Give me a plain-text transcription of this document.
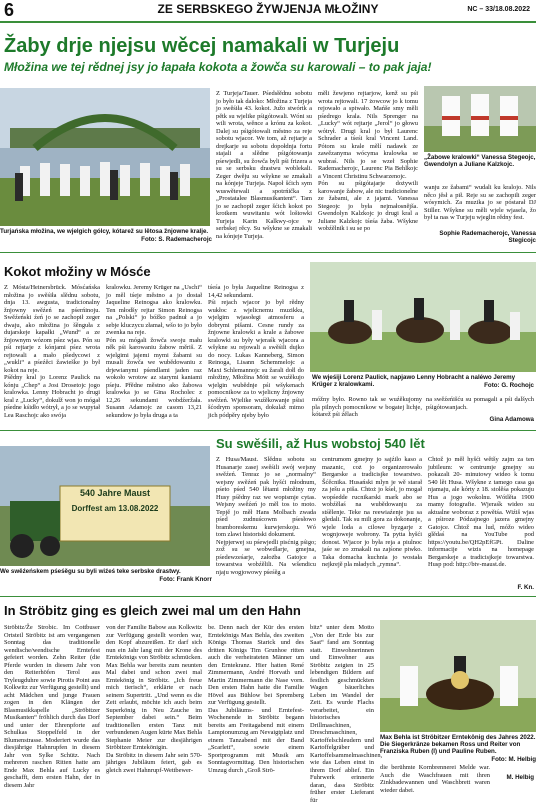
6	ZE SERBSKEGO ŽYWJENJA MŁOŽINY	NC – 33/18.08.2022
Žaby drje njejsu wěcej namakali w Turjeju
Młožina we tej rědnej jsy jo łapała kokota a žowča su karowali – to pak jaja!
Turjańska młožina, we wjelgich gólcy, kótarež su lětosa žnjowne kralje.
Foto: S. Rademacherojc
Z Turjeja/Tauer. Pśedsłědnu sobotu jo było tak daloko: Młožina z Turjeja jo swěśiła 43. kokot. Južo stwórtk a pětk su wjelike pśigótowali. Wóni su wili wrota, wěnce a krónu za kokot. Dalej su pśigótowali městno za reje sobotu wjacor. We tom, až rejtarje a drejkarje su sobotu dopołdnja fortu stajali a slědne pśigótowanja pśewjedli, su žowča byli pśi frizera a su se serbsku drastwu woblekali. Zeger dwěju su wšykne se zmakali na kónjeje Turjeja. Napoł šćich sym wuswětewali a spotrńička z „Prostatalee Blasmusikantent“. Tam jo se zachopił zeger šćich kokot po krotkem wuwitaniu wót loštowki Turjeja Karin Kalkwy-ojce w serbskej rěcy. Su wšykne se zmakali na kónjeje Turjeja.
měli žewjeno rejtarjow, kenž su pśi wrota rejtowali. 17 żowcow jo k tomu rejowało a spiwało. Mańše smy měli pśedrego krala. Nils Sprenger na „Lucky“ wót rejtarje „Jerol“ jo głowu wótrył. Drugi kral jo był Laurenc Schrader a tśeśi kral Vincent Land. Pótom su krale mělí nadawk ze zawězanyma wócyma kralowka se wubraś. Nils jo se wzeł Sophie Rademacherojc, Laurenc Pia Behlkojc a Vincent Christinu Schwarzenojc.
Pón su pśigótajarje dożywili karowanje žabow, ale nic tradicionelne ze žabami, ale z jajami. Vanessa Stegeojc jo była nejmałosnějša. Gwendolyn Kalzkojc jo drugi kral a Juliane Kalzkojc tśeśa žaba. Wšykne wobźělnik i su se po
„Žabowe kralowki“ Vanessa Stegeojc, Gwendolyn a Juliane Kalzkojc.
wanju ze žabami“ wudali ku kralojo. Nils něco jěsł a pił. Reje su se zachopili zeger wósymich. Za muzika jo se póstarał DJ Stiller. Wšykne su měli wjele wjasela, žo był ta nas w Turjeju wjeglin rědny fest.
Sophie Rademacherojc, Vanessa Stegicojc
Kokot młožiny w Mósće
Z Mósta/Heinersbrück. Mósćańska młožina jo swěśiła slědnu sobotu, dnja 13. awgusta, tradicionalny žnjowny swěźeń na pśerńinoju. Swěźeński źeń jo se zachopił zeger dwaju, ako młožina jo šěnguła z dujarskeje kapałki „Wund“ a ze žnjownym wózom pśez wjas. Pón su pśi rejtarje z kónjami pśez wrota rejtowali a mało pšedycowi z „wukli“ a pśeźěci žawieške jo był kokot na reje.
Pśědny kral jo Lorenz Paulick na kónju „Chep“ a Josi Drosetojc jogo kralowka. Lenny Hobracht jo drugi kral z „Lucky“, dokulž won jo mógał pśedne kśidło wótrył, a jo se wupytał Lea Raschojc ako swója
kralowku. Jeremy Krüger na „Uschi“ jo měl tśeje městno a jo dostał Jaqueline Reinogsa ako kralowku. Ten młodšy rejtar Simon Reinogsa na „Polski“ jo bóžko padnuł a jo sebje kluczycu złamał, wšo to jo było zwenka na reje.
Pón su mógali žowča swoju mału něk pśi karowaniu žabow měriš. Z wjelgimi jajemi mymi žabami su musali žowča we wubědowaniu z drjewianymi pśendlami jaden raz wokoło wrotow az starymi kaniami pśeju. Přědne městno ako žabowa kralowka jo se Gina Rocholec z 12,26 sekundami wobdźeržała. Susann Adamojc ze casom 13,21 sekundow jo była druga a ta
tśeśa jo była Jaqueline Reinogsa z 14,42 sekundami.
Pśi rejach wjacor jo był rědny wukłoc z wjelicnemu muzikku, wjelgim wjasołegi atmosferu a dobrymi pišami. Cesne rundy za žnjowne kralowki a krale a žabowe kralowki su były wjeraśk wjacora a wšykne su rejowali a swěśili dujko do nocy. Lukas Kanneberg, Simon Reinoga, Lisann Schemmelojc a Maxi Schlemannojc su žarali dołl do młožiny, Młožina Mótt se wuźěkujo wjelgin wubědnje pśi wšykenach pomocnikow za to wjelicny žnjowny swěźeń. Wjelike wuźěkowanje pśisi šćodrym sponsoram, dokulaž mimo jich pódpěry njeby było
We wjeśiji Lorenz Paulick, napjawo Lenny Hobracht a naléwo Jeremy Krüger z kralowkami.	Foto: G. Rochojc
móžny było. Rowno tak se wuźěkujomy pla pilnych pomocnikow w bogatej lichje, kótarež pśi źělach
na swěźeńišću su pomagali a pśi dalšych pśigótowanjach.
Gina Adamowa
Su swěśili, až Hus wobstoj 540 lět
540 Jahre Maust
Dorffest am 13.08.2022
We swěźeńskem pśeśěgu su byli wiźeś teke serbske drastwy.
Foto: Frank Knorr
Z Husa/Maust. Slědnu sobotu su Husanarje zasej swěśili swój wejsny swěźeń. Tenraz jo se „normalny“ wejsny swěźeń pak hyšći młodnum, pśeto pśed 540 lětami młožiny my Husy pśědny raz we wopismje cytas. Wejsny swěźeń jo měl tos to moto. Tepjě jo měł Hans Molbach zwada pśed zudnuścowm pśesłowo bramboreskemu kurwjerskoju. Wó tom zlawi historiski dokument.
Nejpjerwej su pśewjedli pisćnig pśigo; zož su se wobwdlarje, gmejna, pśedewześarje, założba Gatojce a towarstwa wobźělili. Na wšendicu njaju wogjowowy pśeśěg a
centrumom gmejny jo sajźilo kaso a mazanic, coż jo organizerowało Bergarske a tradicisjke towarstwo. Šćěcnika. Husański mlyn je wě starał za ješu a piša. Chtoż jo kśeł, jo mogał wopśedde rucnikarski mark abo se wobźělaś na wubědowanju za stśělenje. Teke na reewiaźenje jsu sa gledali. Tak su mili gora za dokonanje, wjele loda a cilowe byzgarje z wognjoweje wobrony. Ta pytta hyšći donost. Wjacor jo była reja a piulnoc jaśe se zo zmakali na zajśone piwko. Taka domacha kuchnia jo wostała nejkrejě pla mładych „rymna“.
Chtož jo měł hyšći wětšy zajm za ten jubileum: w centrumje gmejny su pokazali 20- minutowy wideo k tomu 540 lět Husa. Wšykne z tamego casa ga njamaju, ale kórty z 18. stolěśa pokazuju Hus a jogo wokolnu. Wótlěta 1900 mamy fotografie. Wjeraśk wideo su aktualne woboraz z powětśa. Wiźiš wjas a pśiroze Pódzajnego jazera gmejny Gatojce. Chtož ma lud, móžo wideo glědaś na YouTube pod https://youtu.be/QH2pEfGPt. Daline informacije wizis na homepage Bergarskeje a tradicisjkeje towarstwa. Husp pod: http://btv-maust.de.
F. Kn.
In Ströbitz ging es gleich zwei mal um den Hahn
Ströbitz/Že Strobic. Im Cottbuser Ortsteil Ströbitz ist am vergangenen Sonntag das traditionelle wendische/wendische Erntefest gefeiert worden. Zehn Reiter (die Pferde wurden in diesem Jahr von den Reiterhöfen Terol aus Tryleugduhre sowie Pirotis Point aus Kolkwitz zur Verfügung gestellt) und acht Mädchen und junge Frauen zogen in den Klängen der Blasmusikkapelle „Ströbitzer Musikanten“ fröhlich durch das Dorf und unter der Ehrenpforte auf Schulkas Stoppelfeld in der Blumenstrasse. Moderiert wurde das diesjährige Hahnrupfen in diesem Jahr von Sylke Schütz. Nach mehreren raschen Ritten hatte am Ende Max Behla auf Lucky es geschafft, dem ersten Hahn, der in diesem Jahr
von der Familie Babow aus Kolkwitz zur Verfügung gestellt worden war, den Kopf abzureißen. Er darf sich nun ein Jahr lang mit der Krone des Erntekönigs von Ströbitz schmücken. Max Behla war bereits zum neunten Mal dabei und schon zwei mal Erntekönig in Ströbitz. „Ich freue mich tierisch“, erklärte er nach seinem Supertritt. „Und wenn es die Zeit erlaubt, möchte ich auch beim Superkönig in Neu Zauche im September dabei sein.“ Beim traditionellen ersten Tanz mit verbundenen Augen kürte Max Behla Stephanie Meier zur diesjährigen Ströbitzer Erntekönigin.
Da Ströbitz in diesem Jahr sein 570-jähriges Jubiläum feiert, gab es gleich zwei Hahnrupf-Wettbewer-
be. Denn nach der Kür des ersten Erntekönigs Max Behla, des zweiten Königs Thomas Starick und des dritten Königs Tim Grunhoe ritten auch die verheirateten Männer um den Erntekranz. Hier hatten René Zimmermann, André Horvath und Martin Zimmermann die Nase vorn. Den ersten Hahn hatte die Familie Hövel aus Bühlow bei Spremberg zur Verfügung gestellt.
Das Jubiläums- und Erntefest-Wochenende in Ströbitz begann bereits am Freitagabend mit einem Lampionumzug am Nevaigtplatz und einem Tanzabend mit der Band „Scarlett“, sowie einem Sportprogramm mit Musik am Sonntagvormittag. Den historischen Umzug durch „Groß Strö-
bitz“ unter dem Motto „Von der Erde bis zur Saat“ fand am Sonntag statt. Einwohnerinnen und Einwohner aus Ströbitz zeigten in 25 lebendigen Bildern auf festlich geschmückten Wagen bäuerliches Leben im Wandel der Zeit. Es wurde Flachs verarbeitet, ein historisches Drillmaschinen, Dreschmaschinen, Kartoffelschleudern und Kartoffelgräber und Kartoffelsammelmaschinen, wie das Leben einst in ihrem Dorf ablief. Ein Fuhrwerk erinnerte daran, dass Ströbitz früher erster Lieferant für
Max Behla ist Ströbitzer Erntekönig des Jahres 2022. Die Siegerkränze bekamen Ross und Reiter von Franziska Ruben (l) und Pauline Ruben.
Foto: M. Helbig
die berühmte Kornbrennerei Melde war. Auch die Waschfrauen mit ihren Zinkbadewannen und Waschbrett waren wieder dabei.
M. Helbig
